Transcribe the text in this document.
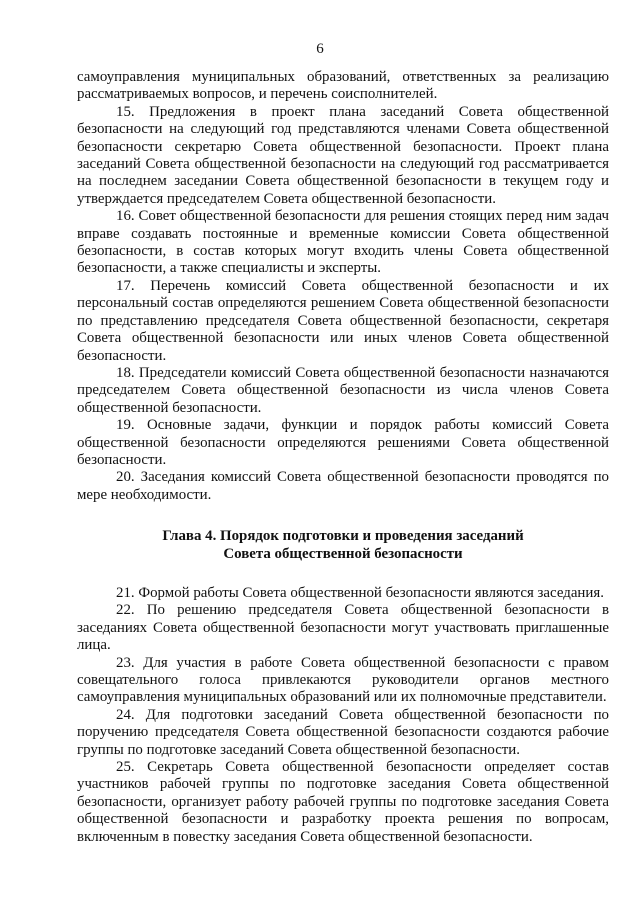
6

самоуправления муниципальных образований, ответственных за реализацию рассматриваемых вопросов, и перечень соисполнителей.

15. Предложения в проект плана заседаний Совета общественной безопасности на следующий год представляются членами Совета общественной безопасности секретарю Совета общественной безопасности. Проект плана заседаний Совета общественной безопасности на следующий год рассматривается на последнем заседании Совета общественной безопасности в текущем году и утверждается председателем Совета общественной безопасности.

16. Совет общественной безопасности для решения стоящих перед ним задач вправе создавать постоянные и временные комиссии Совета общественной безопасности, в состав которых могут входить члены Совета общественной безопасности, а также специалисты и эксперты.

17. Перечень комиссий Совета общественной безопасности и их персональный состав определяются решением Совета общественной безопасности по представлению председателя Совета общественной безопасности, секретаря Совета общественной безопасности или иных членов Совета общественной безопасности.

18. Председатели комиссий Совета общественной безопасности назначаются председателем Совета общественной безопасности из числа членов Совета общественной безопасности.

19. Основные задачи, функции и порядок работы комиссий Совета общественной безопасности определяются решениями Совета общественной безопасности.

20. Заседания комиссий Совета общественной безопасности проводятся по мере необходимости.

Глава 4. Порядок подготовки и проведения заседаний
Совета общественной безопасности

21. Формой работы Совета общественной безопасности являются заседания.

22. По решению председателя Совета общественной безопасности в заседаниях Совета общественной безопасности могут участвовать приглашенные лица.

23. Для участия в работе Совета общественной безопасности с правом совещательного голоса привлекаются руководители органов местного самоуправления муниципальных образований или их полномочные представители.

24. Для подготовки заседаний Совета общественной безопасности по поручению председателя Совета общественной безопасности создаются рабочие группы по подготовке заседаний Совета общественной безопасности.

25. Секретарь Совета общественной безопасности определяет состав участников рабочей группы по подготовке заседания Совета общественной безопасности, организует работу рабочей группы по подготовке заседания Совета общественной безопасности и разработку проекта решения по вопросам, включенным в повестку заседания Совета общественной безопасности.
